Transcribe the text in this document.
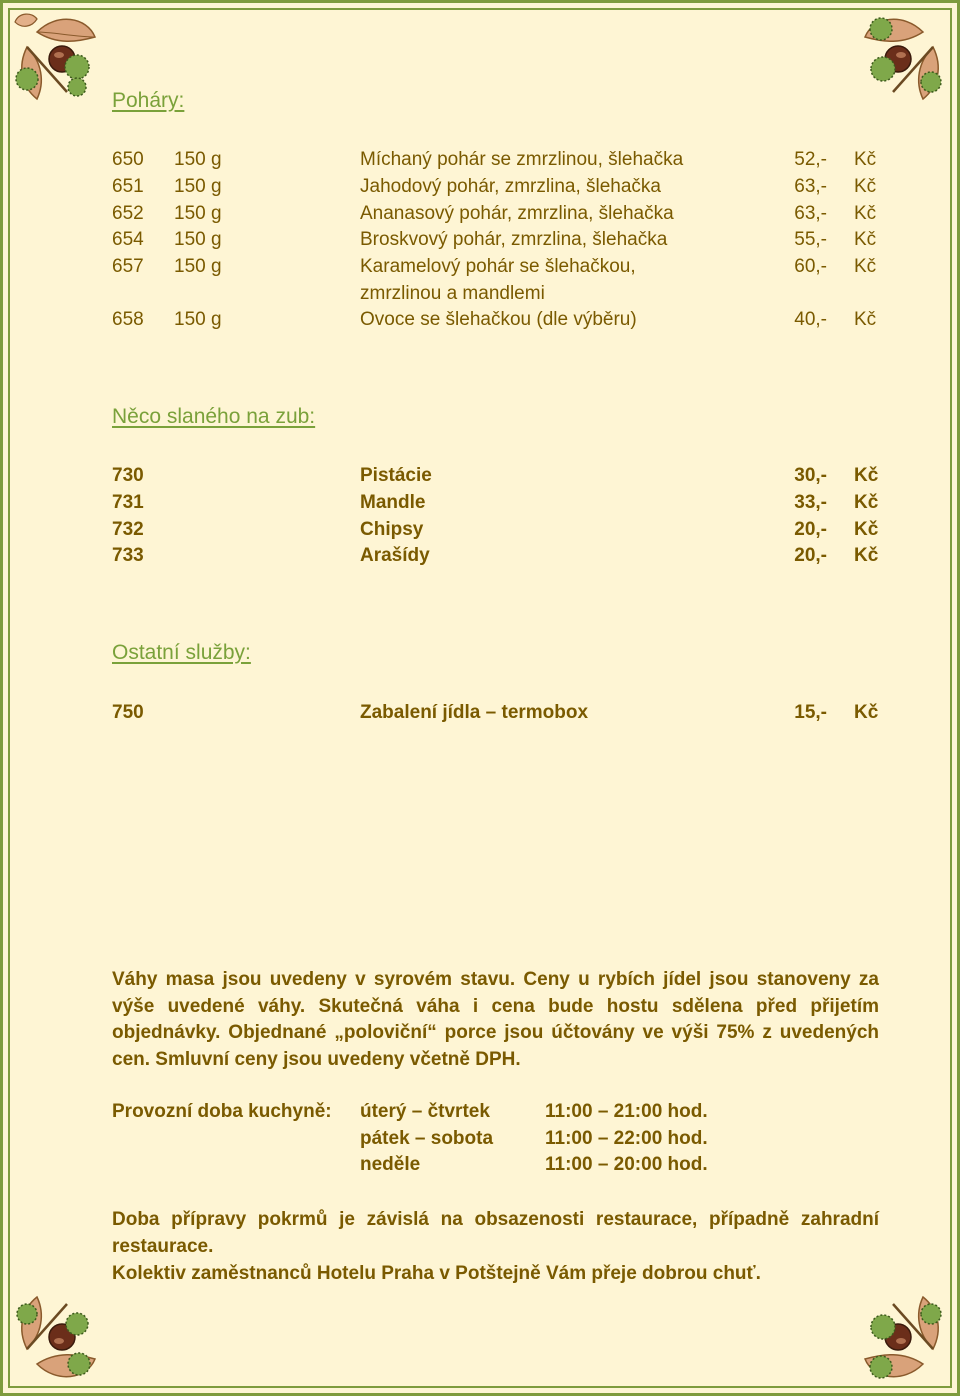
Poháry:
650 150 g	Míchaný pohár se zmrzlinou, šlehačka	52,- Kč
651 150 g	Jahodový pohár, zmrzlina, šlehačka	63,- Kč
652 150 g	Ananasový pohár, zmrzlina, šlehačka	63,- Kč
654 150 g	Broskvový pohár, zmrzlina, šlehačka	55,- Kč
657 150 g	Karamelový pohár se šlehačkou,	60,- Kč
zmrzlinou a mandlemi
658 150 g	Ovoce se šlehačkou (dle výběru)	40,- Kč
Něco slaného na zub:
730	Pistácie	30,- Kč
731	Mandle	33,- Kč
732	Chipsy	20,- Kč
733	Arašídy	20,- Kč
Ostatní služby:
750	Zabalení jídla – termobox	15,- Kč
Váhy masa jsou uvedeny v syrovém stavu. Ceny u rybích jídel jsou stanoveny za výše uvedené váhy. Skutečná váha i cena bude hostu sdělena před přijetím objednávky. Objednané „poloviční“ porce jsou účtovány ve výši 75% z uvedených cen. Smluvní ceny jsou uvedeny včetně DPH.
Provozní doba kuchyně: úterý – čtvrtek	11:00 – 21:00 hod.
pátek – sobota	11:00 – 22:00 hod.
neděle	11:00 – 20:00 hod.
Doba přípravy pokrmů je závislá na obsazenosti restaurace, případně zahradní restaurace.
Kolektiv zaměstnanců Hotelu Praha v Potštejně Vám přeje dobrou chuť.
